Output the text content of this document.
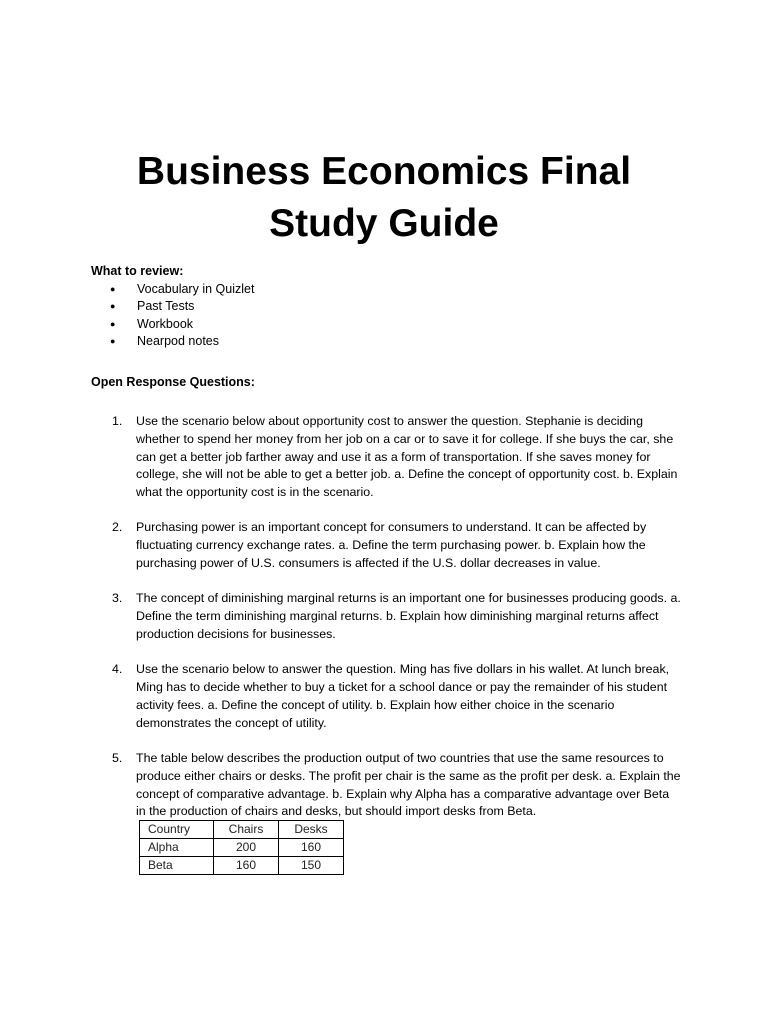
Business Economics Final
Study Guide

What to review:

● Vocabulary in Quizlet
● Past Tests
● Workbook
● Nearpod notes

Open Response Questions:

1. Use the scenario below about opportunity cost to answer the question. Stephanie is deciding whether to spend her money from her job on a car or to save it for college. If she buys the car, she can get a better job farther away and use it as a form of transportation. If she saves money for college, she will not be able to get a better job. a. Define the concept of opportunity cost. b. Explain what the opportunity cost is in the scenario.
2. Purchasing power is an important concept for consumers to understand. It can be affected by fluctuating currency exchange rates. a. Define the term purchasing power. b. Explain how the purchasing power of U.S. consumers is affected if the U.S. dollar decreases in value.
3. The concept of diminishing marginal returns is an important one for businesses producing goods. a. Define the term diminishing marginal returns. b. Explain how diminishing marginal returns affect production decisions for businesses.
4. Use the scenario below to answer the question. Ming has five dollars in his wallet. At lunch break, Ming has to decide whether to buy a ticket for a school dance or pay the remainder of his student activity fees. a. Define the concept of utility. b. Explain how either choice in the scenario demonstrates the concept of utility.
5. The table below describes the production output of two countries that use the same resources to produce either chairs or desks. The profit per chair is the same as the profit per desk. a. Explain the concept of comparative advantage. b. Explain why Alpha has a comparative advantage over Beta in the production of chairs and desks, but should import desks from Beta.
Country	Chairs	Desks
Alpha	200	160
Beta	160	150
